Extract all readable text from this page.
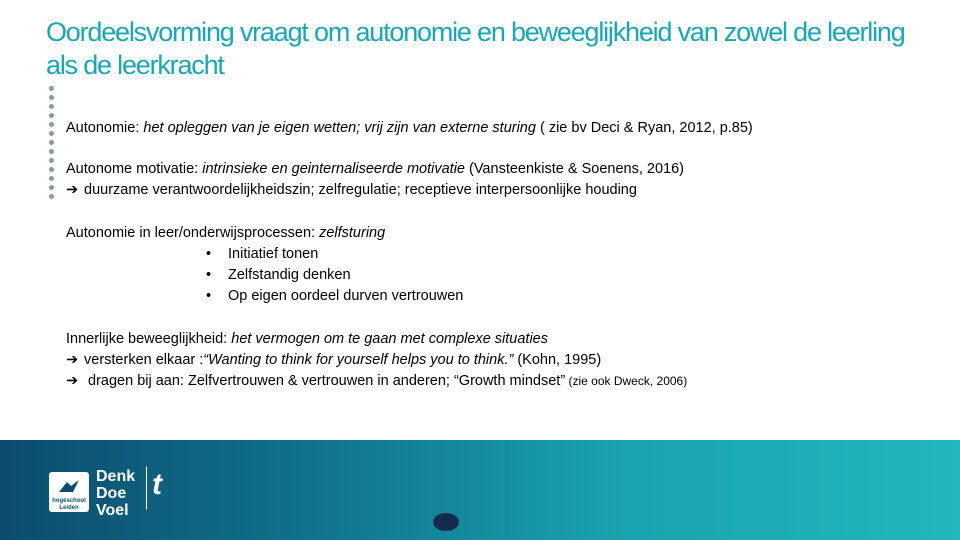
Oordeelsvorming vraagt om autonomie en beweeglijkheid van zowel de leerling als de leerkracht

Autonomie: het opleggen van je eigen wetten; vrij zijn van externe sturing ( zie bv Deci & Ryan, 2012, p.85)

Autonome motivatie: intrinsieke en geinternaliseerde motivatie (Vansteenkiste & Soenens, 2016)

➔ duurzame verantwoordelijkheidszin; zelfregulatie; receptieve interpersoonlijke houding

Autonomie in leer/onderwijsprocessen: zelfsturing

• Initiatief tonen
• Zelfstandig denken
• Op eigen oordeel durven vertrouwen

Innerlijke beweeglijkheid: het vermogen om te gaan met complexe situaties

➔ versterken elkaar :“Wanting to think for yourself helps you to think.” (Kohn, 1995)

➔ dragen bij aan: Zelfvertrouwen & vertrouwen in anderen; “Growth mindset” (zie ook Dweck, 2006)

hogeschool Leiden
Denk
Doe
Voel
t
